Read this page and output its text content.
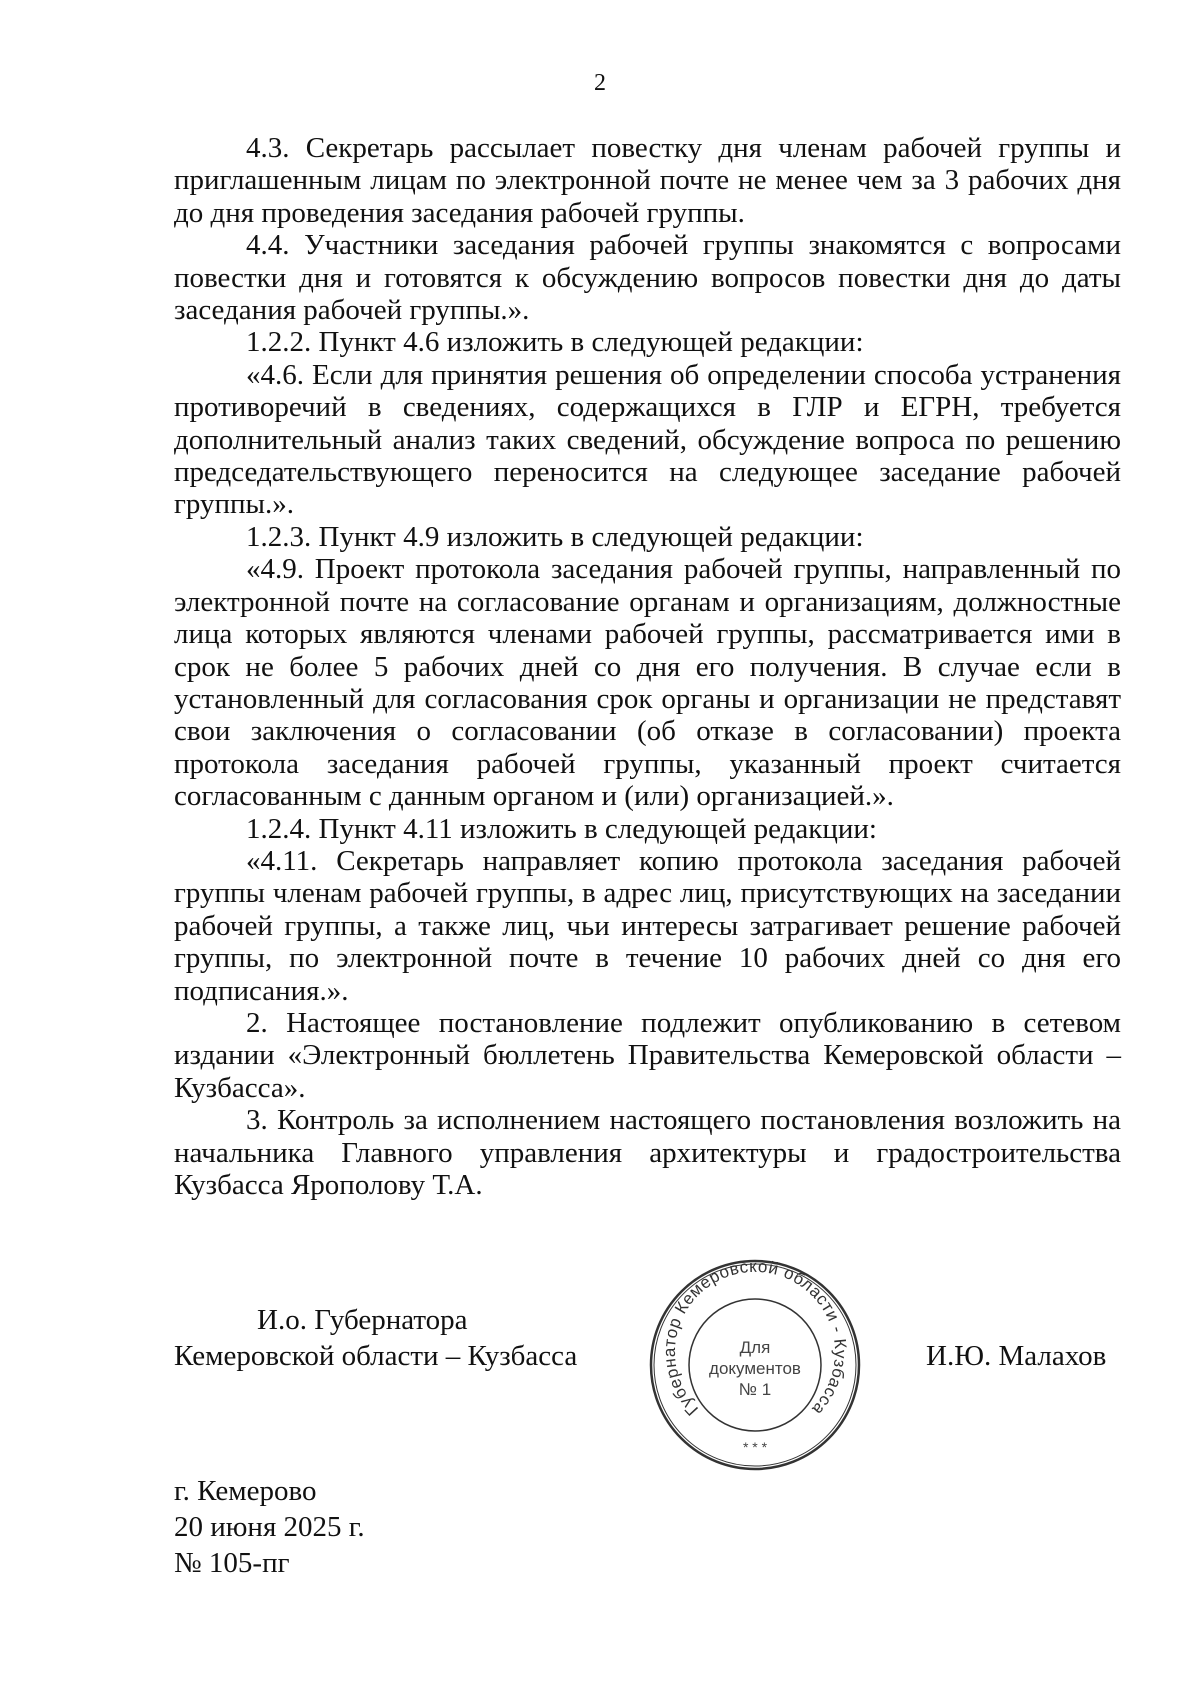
2

4.3. Секретарь рассылает повестку дня членам рабочей группы и приглашенным лицам по электронной почте не менее чем за 3 рабочих дня до дня проведения заседания рабочей группы.

4.4. Участники заседания рабочей группы знакомятся с вопросами повестки дня и готовятся к обсуждению вопросов повестки дня до даты заседания рабочей группы.».

1.2.2. Пункт 4.6 изложить в следующей редакции:

«4.6. Если для принятия решения об определении способа устранения противоречий в сведениях, содержащихся в ГЛР и ЕГРН, требуется дополнительный анализ таких сведений, обсуждение вопроса по решению председательствующего переносится на следующее заседание рабочей группы.».

1.2.3. Пункт 4.9 изложить в следующей редакции:

«4.9. Проект протокола заседания рабочей группы, направленный по электронной почте на согласование органам и организациям, должностные лица которых являются членами рабочей группы, рассматривается ими в срок не более 5 рабочих дней со дня его получения. В случае если в установленный для согласования срок органы и организации не представят свои заключения о согласовании (об отказе в согласовании) проекта протокола заседания рабочей группы, указанный проект считается согласованным с данным органом и (или) организацией.».

1.2.4. Пункт 4.11 изложить в следующей редакции:

«4.11. Секретарь направляет копию протокола заседания рабочей группы членам рабочей группы, в адрес лиц, присутствующих на заседании рабочей группы, а также лиц, чьи интересы затрагивает решение рабочей группы, по электронной почте в течение 10 рабочих дней со дня его подписания.».

2. Настоящее постановление подлежит опубликованию в сетевом издании «Электронный бюллетень Правительства Кемеровской области – Кузбасса».

3. Контроль за исполнением настоящего постановления возложить на начальника Главного управления архитектуры и градостроительства Кузбасса Ярополову Т.А.

И.о. Губернатора
Кемеровской области – Кузбасса
Губернатор Кемеровской области - Кузбасса
Для
документов
№ 1
* * *
И.Ю. Малахов
г. Кемерово
20 июня 2025 г.
№ 105-пг
